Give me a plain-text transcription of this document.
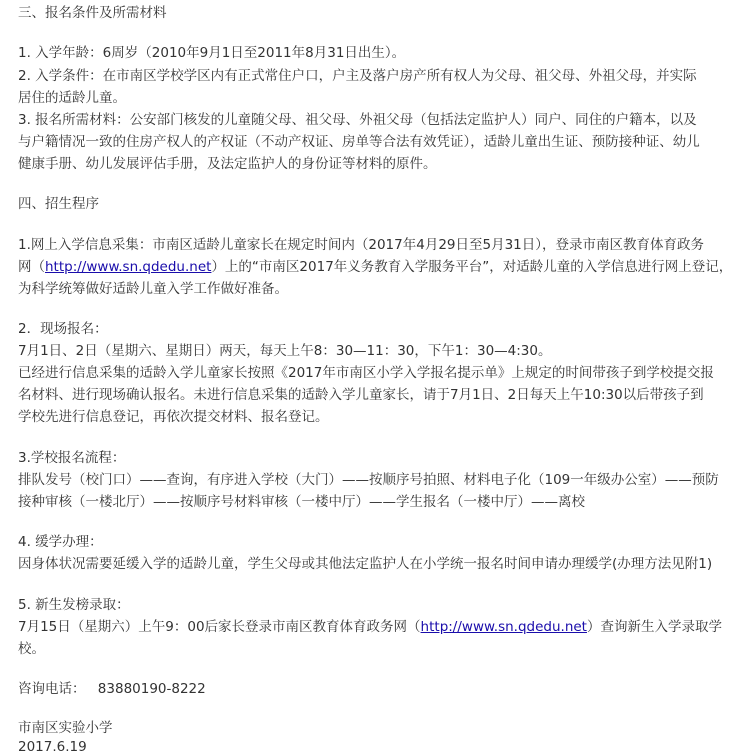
三、报名条件及所需材料
1. 入学年龄：6周岁（2010年9月1日至2011年8月31日出生）。
2. 入学条件：在市南区学校学区内有正式常住户口，户主及落户房产所有权人为父母、祖父母、外祖父母，并实际
居住的适龄儿童。
3. 报名所需材料：公安部门核发的儿童随父母、祖父母、外祖父母（包括法定监护人）同户、同住的户籍本，以及
与户籍情况一致的住房产权人的产权证（不动产权证、房单等合法有效凭证），适龄儿童出生证、预防接种证、幼儿
健康手册、幼儿发展评估手册，及法定监护人的身份证等材料的原件。
四、招生程序
1.网上入学信息采集：市南区适龄儿童家长在规定时间内（2017年4月29日至5月31日），登录市南区教育体育政务
网（http://www.sn.qdedu.net）上的“市南区2017年义务教育入学服务平台”，对适龄儿童的入学信息进行网上登记，
为科学统筹做好适龄儿童入学工作做好准备。
2．现场报名：
7月1日、2日（星期六、星期日）两天，每天上午8：30—11：30，下午1：30—4:30。
已经进行信息采集的适龄入学儿童家长按照《2017年市南区小学入学报名提示单》上规定的时间带孩子到学校提交报
名材料、进行现场确认报名。未进行信息采集的适龄入学儿童家长，请于7月1日、2日每天上午10:30以后带孩子到
学校先进行信息登记，再依次提交材料、报名登记。
3.学校报名流程：
排队发号（校门口）——查询，有序进入学校（大门）——按顺序号拍照、材料电子化（109一年级办公室）——预防
接种审核（一楼北厅）——按顺序号材料审核（一楼中厅）——学生报名（一楼中厅）——离校
4. 缓学办理：
因身体状况需要延缓入学的适龄儿童，学生父母或其他法定监护人在小学统一报名时间申请办理缓学(办理方法见附1)
5. 新生发榜录取：
7月15日（星期六）上午9：00后家长登录市南区教育体育政务网（http://www.sn.qdedu.net）查询新生入学录取学
校。
咨询电话： 83880190-8222
市南区实验小学
2017.6.19
